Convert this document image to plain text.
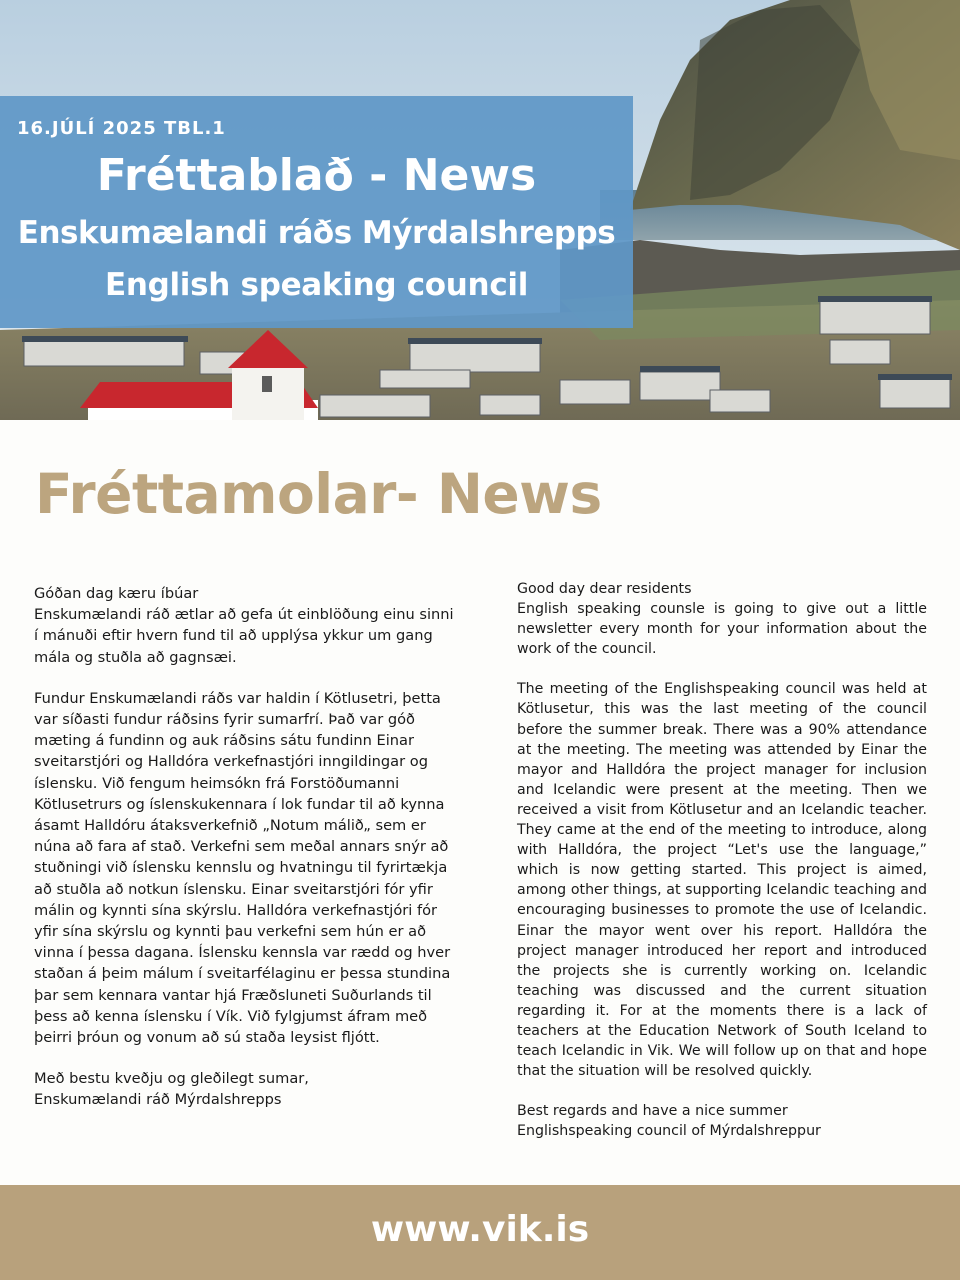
16.JÚLÍ 2025 TBL.1
Fréttablað - News
Enskumælandi ráðs Mýrdalshrepps
English speaking council
Fréttamolar- News

Góðan dag kæru íbúar
Enskumælandi ráð ætlar að gefa út einblöðung einu sinni í mánuði eftir hvern fund til að upplýsa ykkur um gang mála og stuðla að gagnsæi.

Fundur Enskumælandi ráðs var haldin í Kötlusetri, þetta var síðasti fundur ráðsins fyrir sumarfrí. Það var góð mæting á fundinn og auk ráðsins sátu fundinn Einar sveitarstjóri og Halldóra verkefnastjóri inngildingar og íslensku. Við fengum heimsókn frá Forstöðumanni Kötlusetrurs og íslenskukennara í lok fundar til að kynna ásamt Halldóru átaksverkefnið „Notum málið„ sem er núna að fara af stað. Verkefni sem meðal annars snýr að stuðningi við íslensku kennslu og hvatningu til fyrirtækja að stuðla að notkun íslensku. Einar sveitarstjóri fór yfir málin og kynnti sína skýrslu. Halldóra verkefnastjóri fór yfir sína skýrslu og kynnti þau verkefni sem hún er að vinna í þessa dagana. Íslensku kennsla var rædd og hver staðan á þeim málum í sveitarfélaginu er þessa stundina þar sem kennara vantar hjá Fræðsluneti Suðurlands til þess að kenna íslensku í Vík. Við fylgjumst áfram með þeirri þróun og vonum að sú staða leysist fljótt.

Með bestu kveðju og gleðilegt sumar,
Enskumælandi ráð Mýrdalshrepps

Good day dear residents
English speaking counsle is going to give out a little newsletter every month for your information about the work of the council.

The meeting of the Englishspeaking council was held at Kötlusetur, this was the last meeting of the council before the summer break. There was a 90% attendance at the meeting. The meeting was attended by Einar the mayor and Halldóra the project manager for inclusion and Icelandic were present at the meeting. Then we received a visit from Kötlusetur and an Icelandic teacher. They came at the end of the meeting to introduce, along with Halldóra, the project “Let's use the language,” which is now getting started. This project is aimed, among other things, at supporting Icelandic teaching and encouraging businesses to promote the use of Icelandic. Einar the mayor went over his report. Halldóra the project manager introduced her report and introduced the projects she is currently working on. Icelandic teaching was discussed and the current situation regarding it. For at the moments there is a lack of teachers at the Education Network of South Iceland to teach Icelandic in Vik. We will follow up on that and hope that the situation will be resolved quickly.

Best regards and have a nice summer
Englishspeaking council of Mýrdalshreppur

www.vik.is
